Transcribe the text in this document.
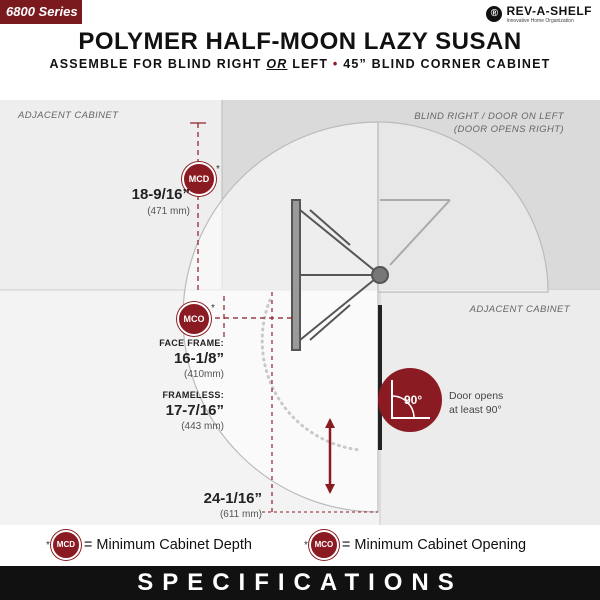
6800 Series	® REV-A-SHELF
Innovative Home Organization
POLYMER HALF-MOON LAZY SUSAN
ASSEMBLE FOR BLIND RIGHT OR LEFT • 45” BLIND CORNER CABINET
ADJACENT CABINET	BLIND RIGHT / DOOR ON LEFT
(DOOR OPENS RIGHT)
ADJACENT CABINET
MCD
*
18-9/16”
(471 mm)
MCO
*
FACE FRAME:
16-1/8”
(410mm)
FRAMELESS:
17-7/16”
(443 mm)
24-1/16”
(611 mm)
90°	Door opens
at least 90°
* MCD = Minimum Cabinet Depth	* MCO = Minimum Cabinet Opening
SPECIFICATIONS
